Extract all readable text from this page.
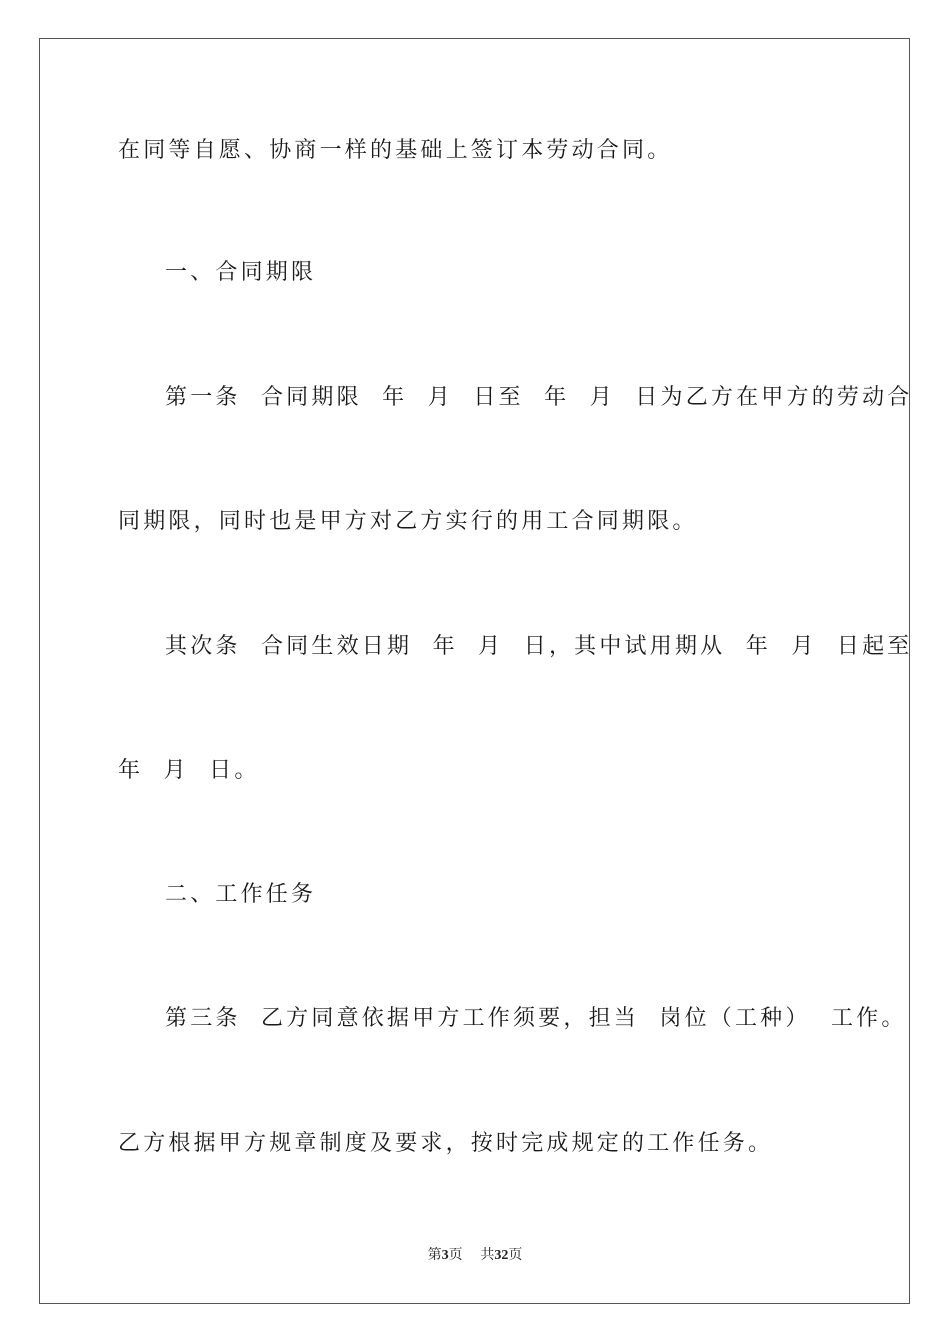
在同等自愿、协商一样的基础上签订本劳动合同。
一、合同期限
第一条  合同期限  年  月  日至  年  月  日为乙方在甲方的劳动合
同期限，同时也是甲方对乙方实行的用工合同期限。
其次条  合同生效日期  年  月  日，其中试用期从  年  月  日起至
年  月  日。
二、工作任务
第三条  乙方同意依据甲方工作须要，担当  岗位（工种）  工作。
乙方根据甲方规章制度及要求，按时完成规定的工作任务。
第3页 共32页
